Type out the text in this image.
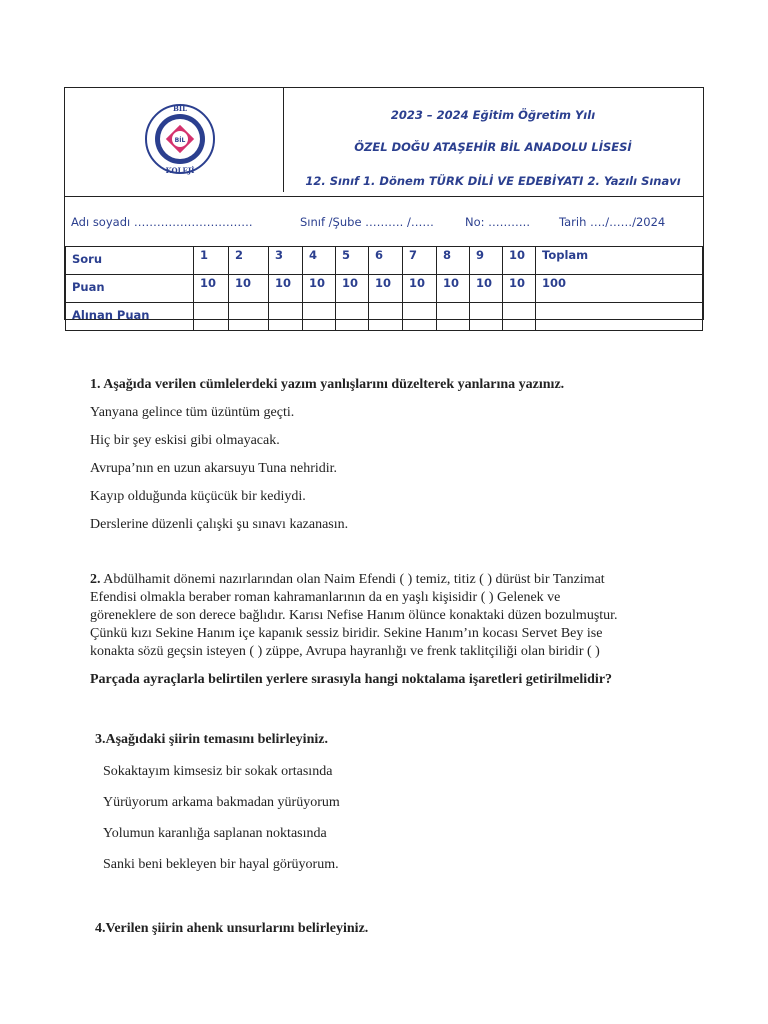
BİL
BİL
KOLEJİ
2023 – 2024 Eğitim Öğretim Yılı
ÖZEL DOĞU ATAŞEHİR BİL ANADOLU LİSESİ
12. Sınıf 1. Dönem TÜRK DİLİ VE EDEBİYATI 2. Yazılı Sınavı
Adı soyadı ………………………….	Sınıf /Şube ………. /……	No: ………..	Tarih …./……/2024
Soru	1	2	3	4	5	6	7	8	9	10	Toplam
Puan	10	10	10	10	10	10	10	10	10	10	100
Alınan Puan											
1. Aşağıda verilen cümlelerdeki yazım yanlışlarını düzelterek yanlarına yazınız.
Yanyana gelince tüm üzüntüm geçti.
Hiç bir şey eskisi gibi olmayacak.
Avrupa’nın en uzun akarsuyu Tuna nehridir.
Kayıp olduğunda küçücük bir kediydi.
Derslerine düzenli çalışki şu sınavı kazanasın.
2. Abdülhamit dönemi nazırlarından olan Naim Efendi ( ) temiz, titiz ( ) dürüst bir Tanzimat
Efendisi olmakla beraber roman kahramanlarının da en yaşlı kişisidir ( ) Gelenek ve
göreneklere de son derece bağlıdır. Karısı Nefise Hanım ölünce konaktaki düzen bozulmuştur.
Çünkü kızı Sekine Hanım içe kapanık sessiz biridir. Sekine Hanım’ın kocası Servet Bey ise
konakta sözü geçsin isteyen ( ) züppe, Avrupa hayranlığı ve frenk taklitçiliği olan biridir ( )
Parçada ayraçlarla belirtilen yerlere sırasıyla hangi noktalama işaretleri getirilmelidir?
3.Aşağıdaki şiirin temasını belirleyiniz.
Sokaktayım kimsesiz bir sokak ortasında
Yürüyorum arkama bakmadan yürüyorum
Yolumun karanlığa saplanan noktasında
Sanki beni bekleyen bir hayal görüyorum.
4.Verilen şiirin ahenk unsurlarını belirleyiniz.
